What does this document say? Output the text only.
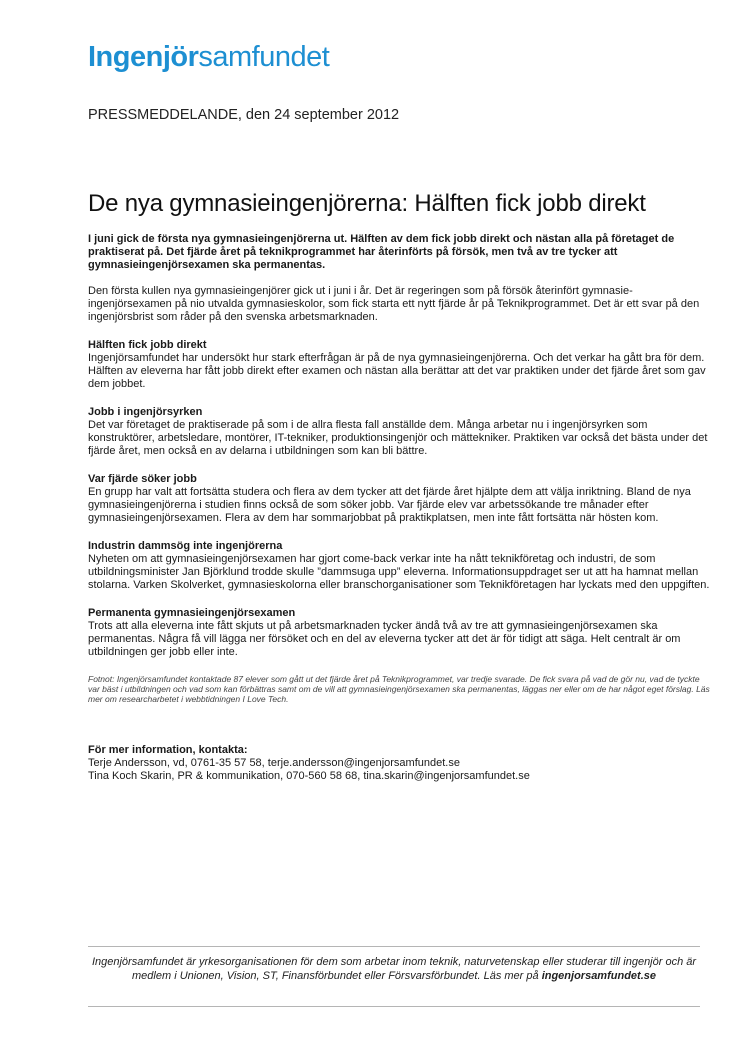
Ingenjörsamfundet
PRESSMEDDELANDE, den 24 september 2012
De nya gymnasieingenjörerna: Hälften fick jobb direkt

I juni gick de första nya gymnasieingenjörerna ut. Hälften av dem fick jobb direkt och nästan alla på företaget de praktiserat på. Det fjärde året på teknikprogrammet har återinförts på försök, men två av tre tycker att gymnasieingenjörsexamen ska permanentas.

Den första kullen nya gymnasieingenjörer gick ut i juni i år. Det är regeringen som på försök återinfört gymnasie-ingenjörsexamen på nio utvalda gymnasieskolor, som fick starta ett nytt fjärde år på Teknikprogrammet. Det är ett svar på den ingenjörsbrist som råder på den svenska arbetsmarknaden.

Hälften fick jobb direkt

Ingenjörsamfundet har undersökt hur stark efterfrågan är på de nya gymnasieingenjörerna. Och det verkar ha gått bra för dem. Hälften av eleverna har fått jobb direkt efter examen och nästan alla berättar att det var praktiken under det fjärde året som gav dem jobbet.

Jobb i ingenjörsyrken

Det var företaget de praktiserade på som i de allra flesta fall anställde dem. Många arbetar nu i ingenjörsyrken som konstruktörer, arbetsledare, montörer, IT-tekniker, produktionsingenjör och mättekniker. Praktiken var också det bästa under det fjärde året, men också en av delarna i utbildningen som kan bli bättre.

Var fjärde söker jobb

En grupp har valt att fortsätta studera och flera av dem tycker att det fjärde året hjälpte dem att välja inriktning. Bland de nya gymnasieingenjörerna i studien finns också de som söker jobb. Var fjärde elev var arbetssökande tre månader efter gymnasieingenjörsexamen. Flera av dem har sommarjobbat på praktikplatsen, men inte fått fortsätta när hösten kom.

Industrin dammsög inte ingenjörerna

Nyheten om att gymnasieingenjörsexamen har gjort come-back verkar inte ha nått teknikföretag och industri, de som utbildningsminister Jan Björklund trodde skulle ”dammsuga upp” eleverna. Informationsuppdraget ser ut att ha hamnat mellan stolarna. Varken Skolverket, gymnasieskolorna eller branschorganisationer som Teknikföretagen har lyckats med den uppgiften.

Permanenta gymnasieingenjörsexamen

Trots att alla eleverna inte fått skjuts ut på arbetsmarknaden tycker ändå två av tre att gymnasieingenjörsexamen ska permanentas. Några få vill lägga ner försöket och en del av eleverna tycker att det är för tidigt att säga. Helt centralt är om utbildningen ger jobb eller inte.

Fotnot: Ingenjörsamfundet kontaktade 87 elever som gått ut det fjärde året på Teknikprogrammet, var tredje svarade. De fick svara på vad de gör nu, vad de tyckte var bäst i utbildningen och vad som kan förbättras samt om de vill att gymnasieingenjörsexamen ska permanentas, läggas ner eller om de har något eget förslag. Läs mer om researcharbetet i webbtidningen I Love Tech.

För mer information, kontakta:
Terje Andersson, vd, 0761-35 57 58, terje.andersson@ingenjorsamfundet.se
Tina Koch Skarin, PR & kommunikation, 070-560 58 68, tina.skarin@ingenjorsamfundet.se
Ingenjörsamfundet är yrkesorganisationen för dem som arbetar inom teknik, naturvetenskap eller studerar till ingenjör och är medlem i Unionen, Vision, ST, Finansförbundet eller Försvarsförbundet. Läs mer på ingenjorsamfundet.se
